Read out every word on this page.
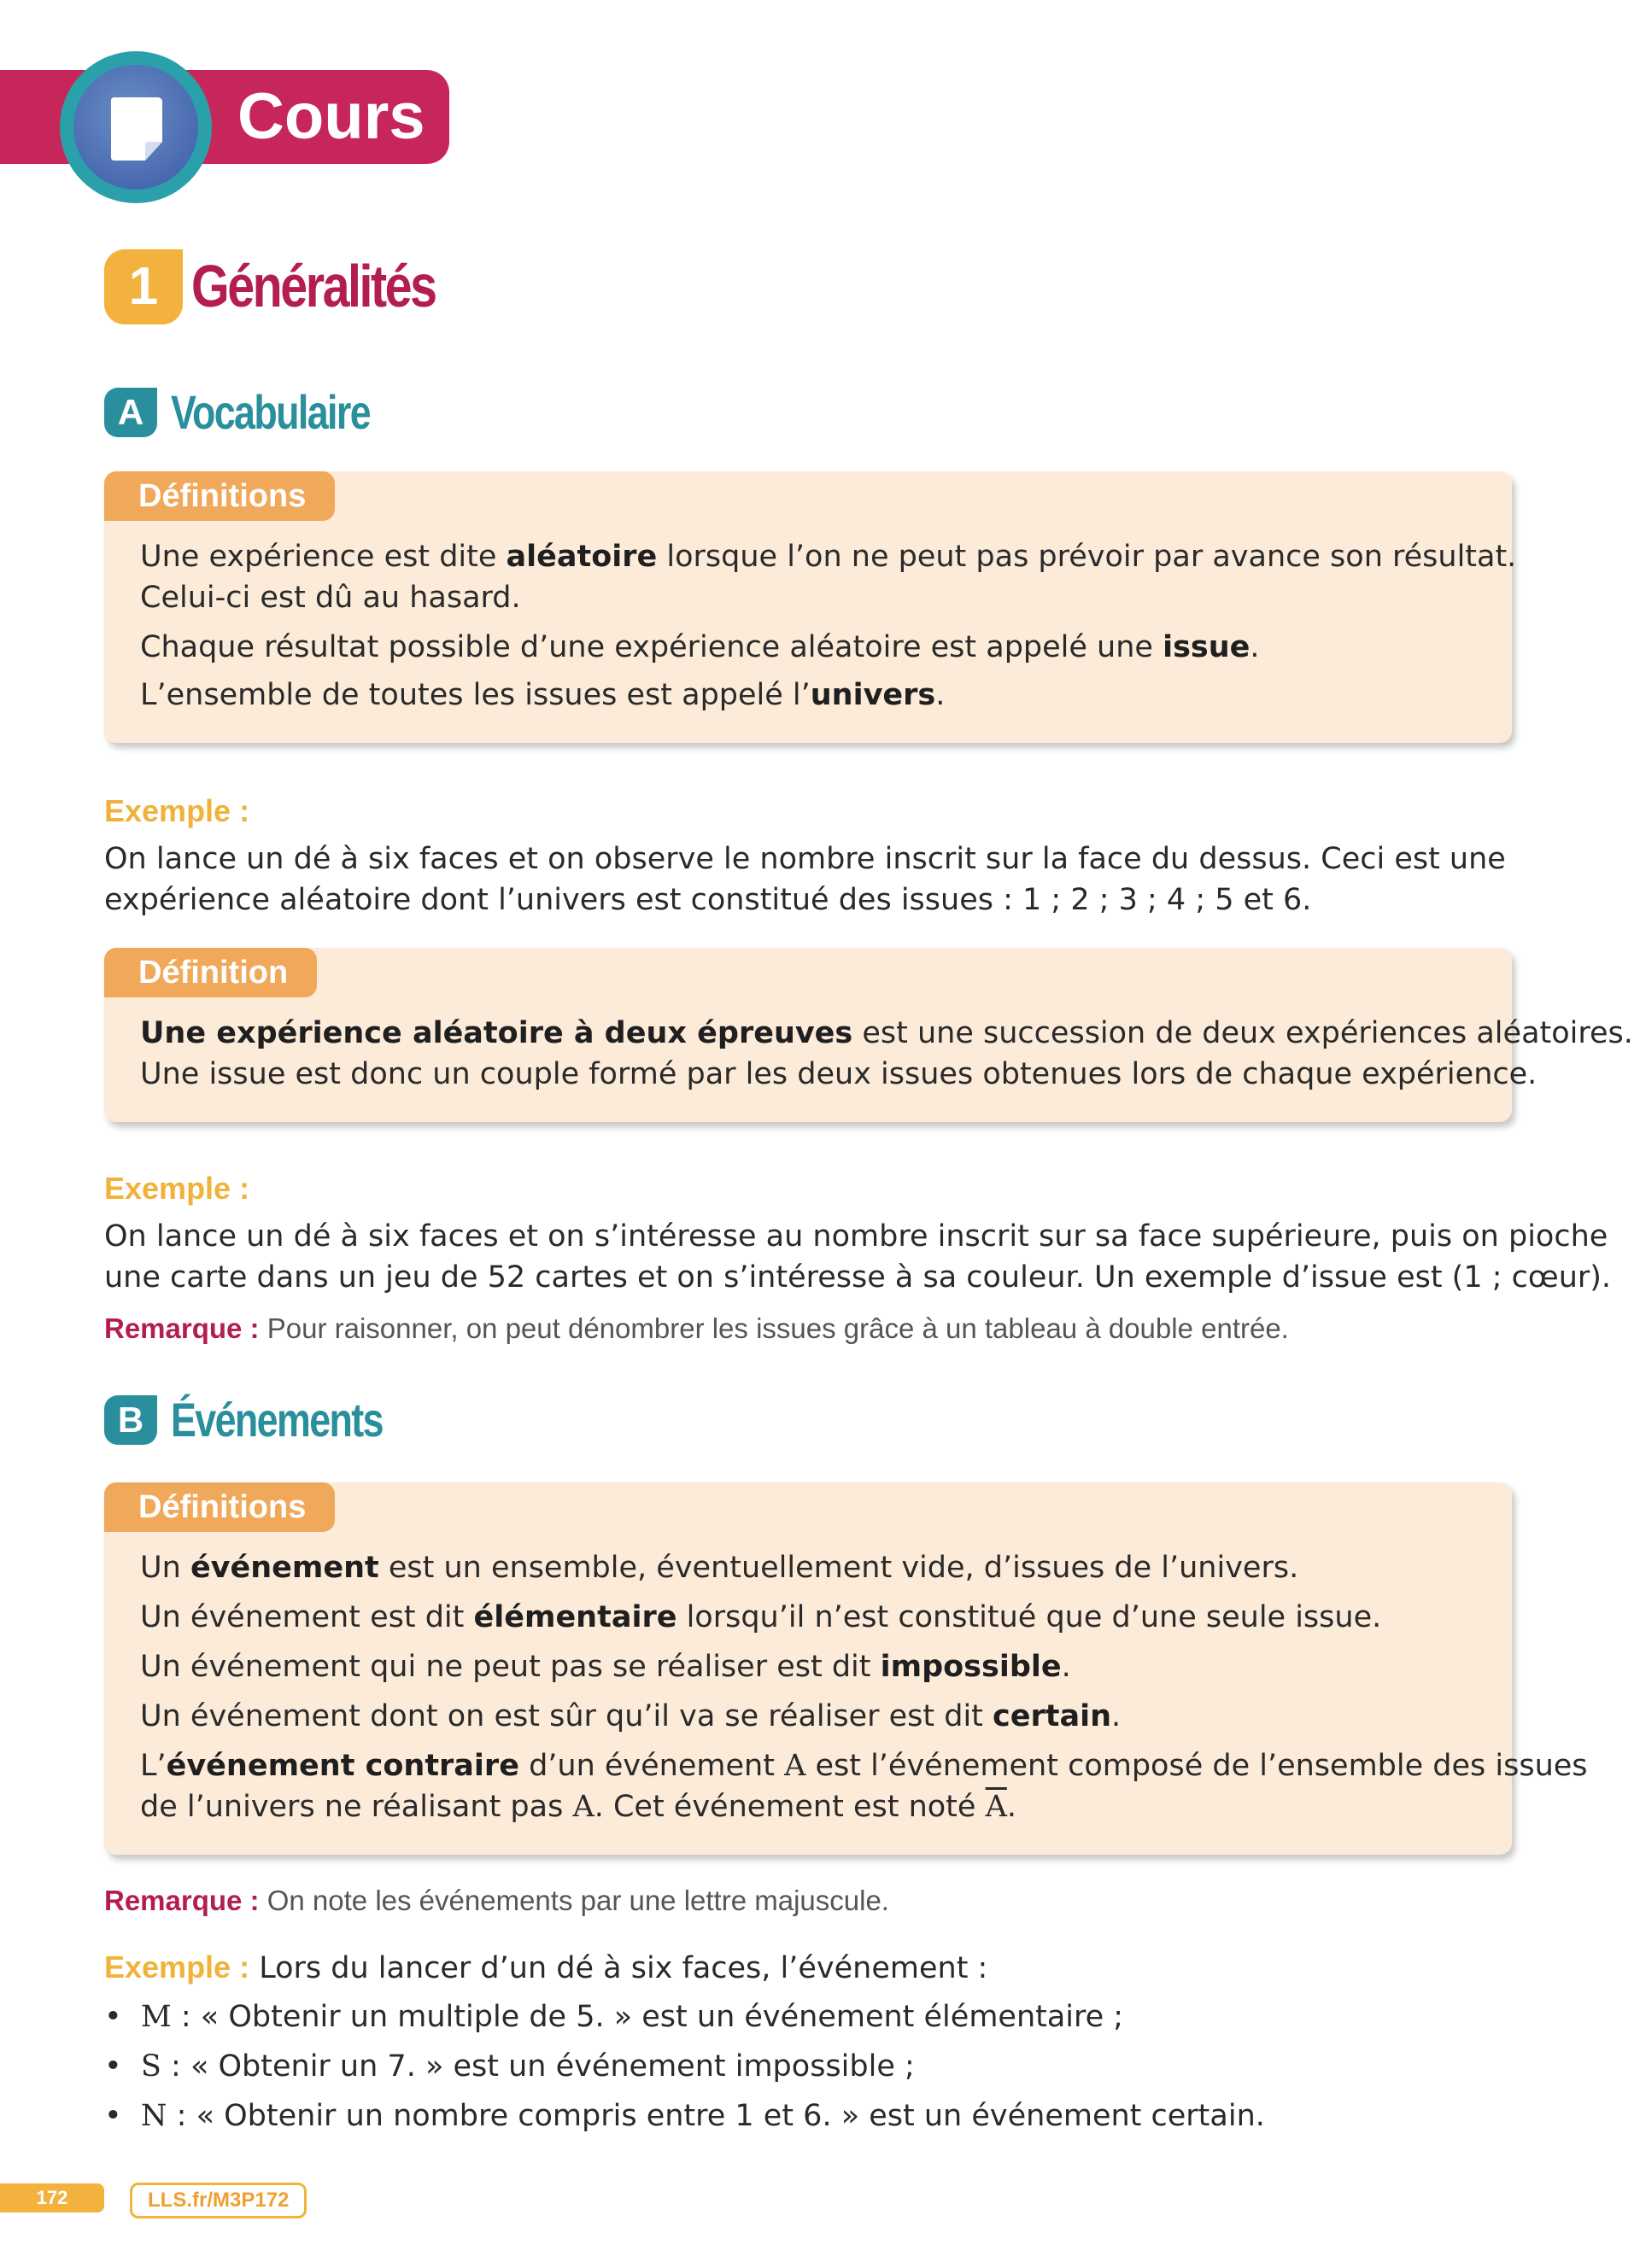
Cours
1 Généralités
A Vocabulaire
Définitions
Une expérience est dite aléatoire lorsque l’on ne peut pas prévoir par avance son résultat.
Celui-ci est dû au hasard.
Chaque résultat possible d’une expérience aléatoire est appelé une issue.
L’ensemble de toutes les issues est appelé l’univers.
Exemple :
On lance un dé à six faces et on observe le nombre inscrit sur la face du dessus. Ceci est une
expérience aléatoire dont l’univers est constitué des issues : 1 ; 2 ; 3 ; 4 ; 5 et 6.
Définition
Une expérience aléatoire à deux épreuves est une succession de deux expériences aléatoires.
Une issue est donc un couple formé par les deux issues obtenues lors de chaque expérience.
Exemple :
On lance un dé à six faces et on s’intéresse au nombre inscrit sur sa face supérieure, puis on pioche
une carte dans un jeu de 52 cartes et on s’intéresse à sa couleur. Un exemple d’issue est (1 ; cœur).
Remarque : Pour raisonner, on peut dénombrer les issues grâce à un tableau à double entrée.
B Événements
Définitions
Un événement est un ensemble, éventuellement vide, d’issues de l’univers.
Un événement est dit élémentaire lorsqu’il n’est constitué que d’une seule issue.
Un événement qui ne peut pas se réaliser est dit impossible.
Un événement dont on est sûr qu’il va se réaliser est dit certain.
L’événement contraire d’un événement A est l’événement composé de l’ensemble des issues
de l’univers ne réalisant pas A. Cet événement est noté $\overline{A}$.
Remarque : On note les événements par une lettre majuscule.
Exemple : Lors du lancer d’un dé à six faces, l’événement :
• M : « Obtenir un multiple de 5. » est un événement élémentaire ;
• S : « Obtenir un 7. » est un événement impossible ;
• N : « Obtenir un nombre compris entre 1 et 6. » est un événement certain.
172	LLS.fr/M3P172
